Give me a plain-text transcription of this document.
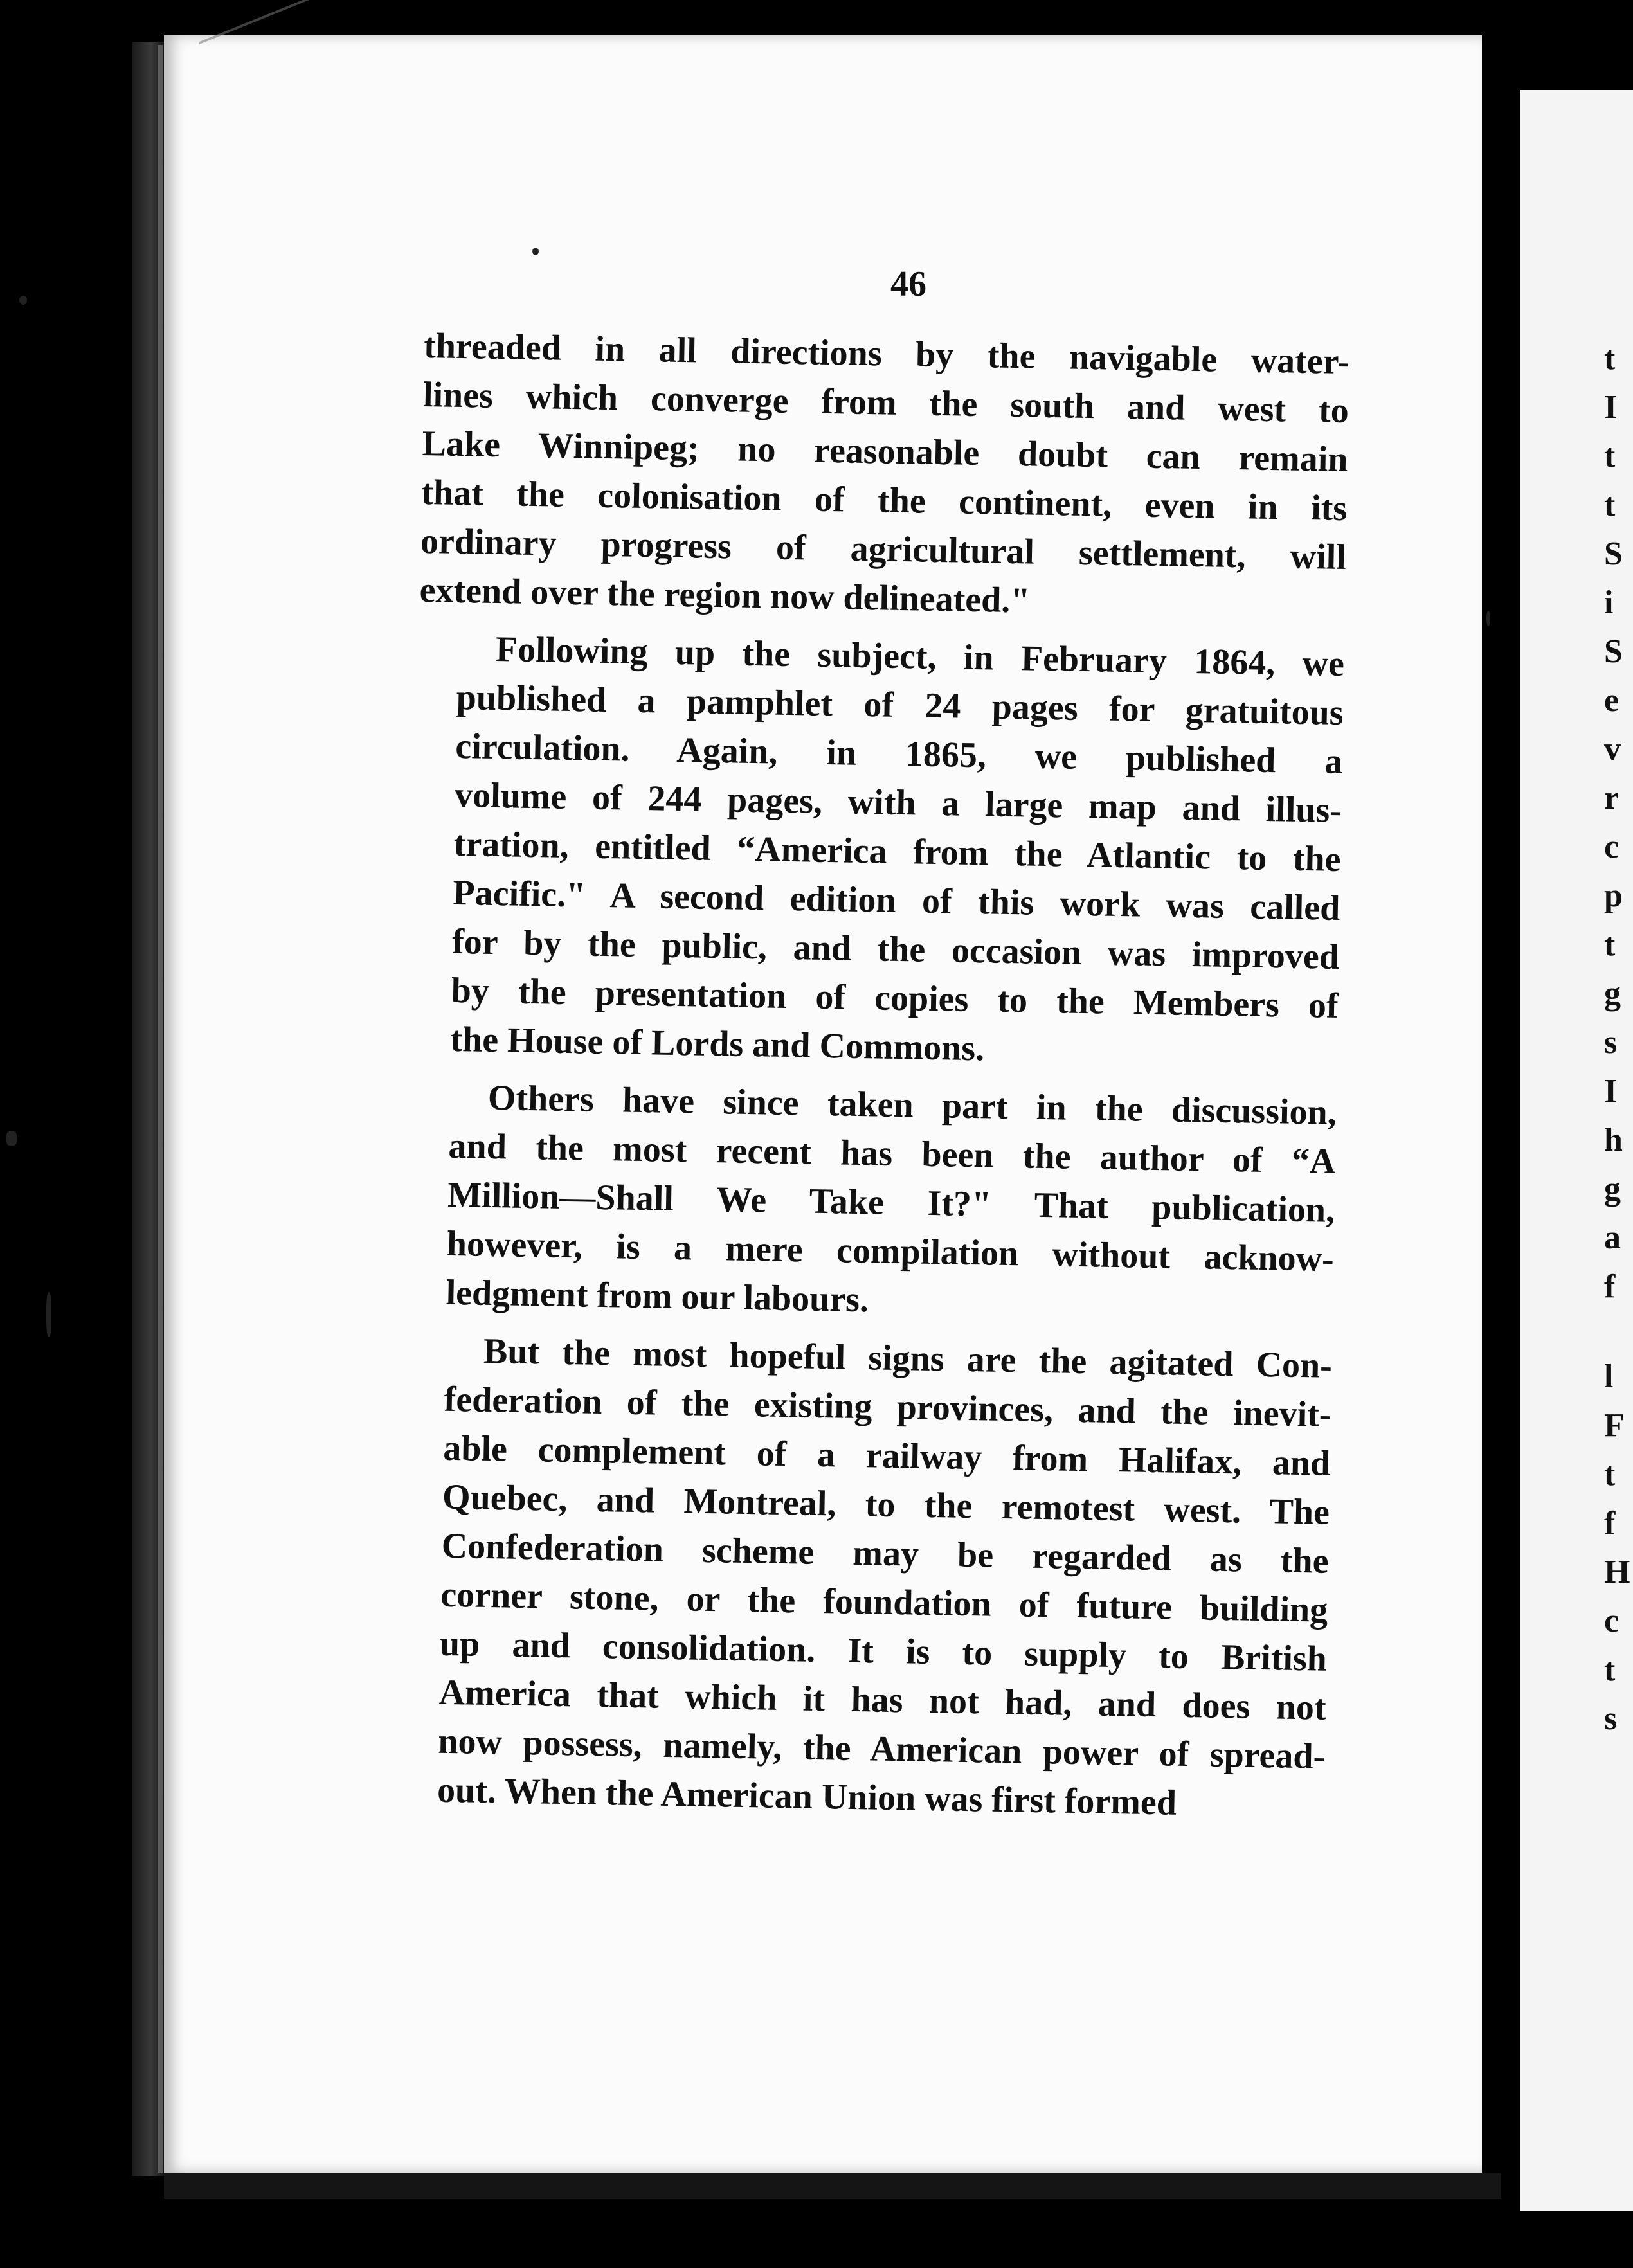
46
threaded in all directions by the navigable water-
lines which converge from the south and west to
Lake Winnipeg; no reasonable doubt can remain
that the colonisation of the continent, even in its
ordinary progress of agricultural settlement, will
extend over the region now delineated."
Following up the subject, in February 1864, we
published a pamphlet of 24 pages for gratuitous
circulation. Again, in 1865, we published a
volume of 244 pages, with a large map and illus-
tration, entitled “America from the Atlantic to the
Pacific." A second edition of this work was called
for by the public, and the occasion was improved
by the presentation of copies to the Members of
the House of Lords and Commons.
Others have since taken part in the discussion,
and the most recent has been the author of “A
Million—Shall We Take It?" That publication,
however, is a mere compilation without acknow-
ledgment from our labours.
But the most hopeful signs are the agitated Con-
federation of the existing provinces, and the inevit-
able complement of a railway from Halifax, and
Quebec, and Montreal, to the remotest west. The
Confederation scheme may be regarded as the
corner stone, or the foundation of future building
up and consolidation. It is to supply to British
America that which it has not had, and does not
now possess, namely, the American power of spread-
out. When the American Union was first formed
t
I
t
t
S
i
S
e
v
r
c
p
t
g
s
I
h
g
a
f
l
F
t
f
H
c
t
s
